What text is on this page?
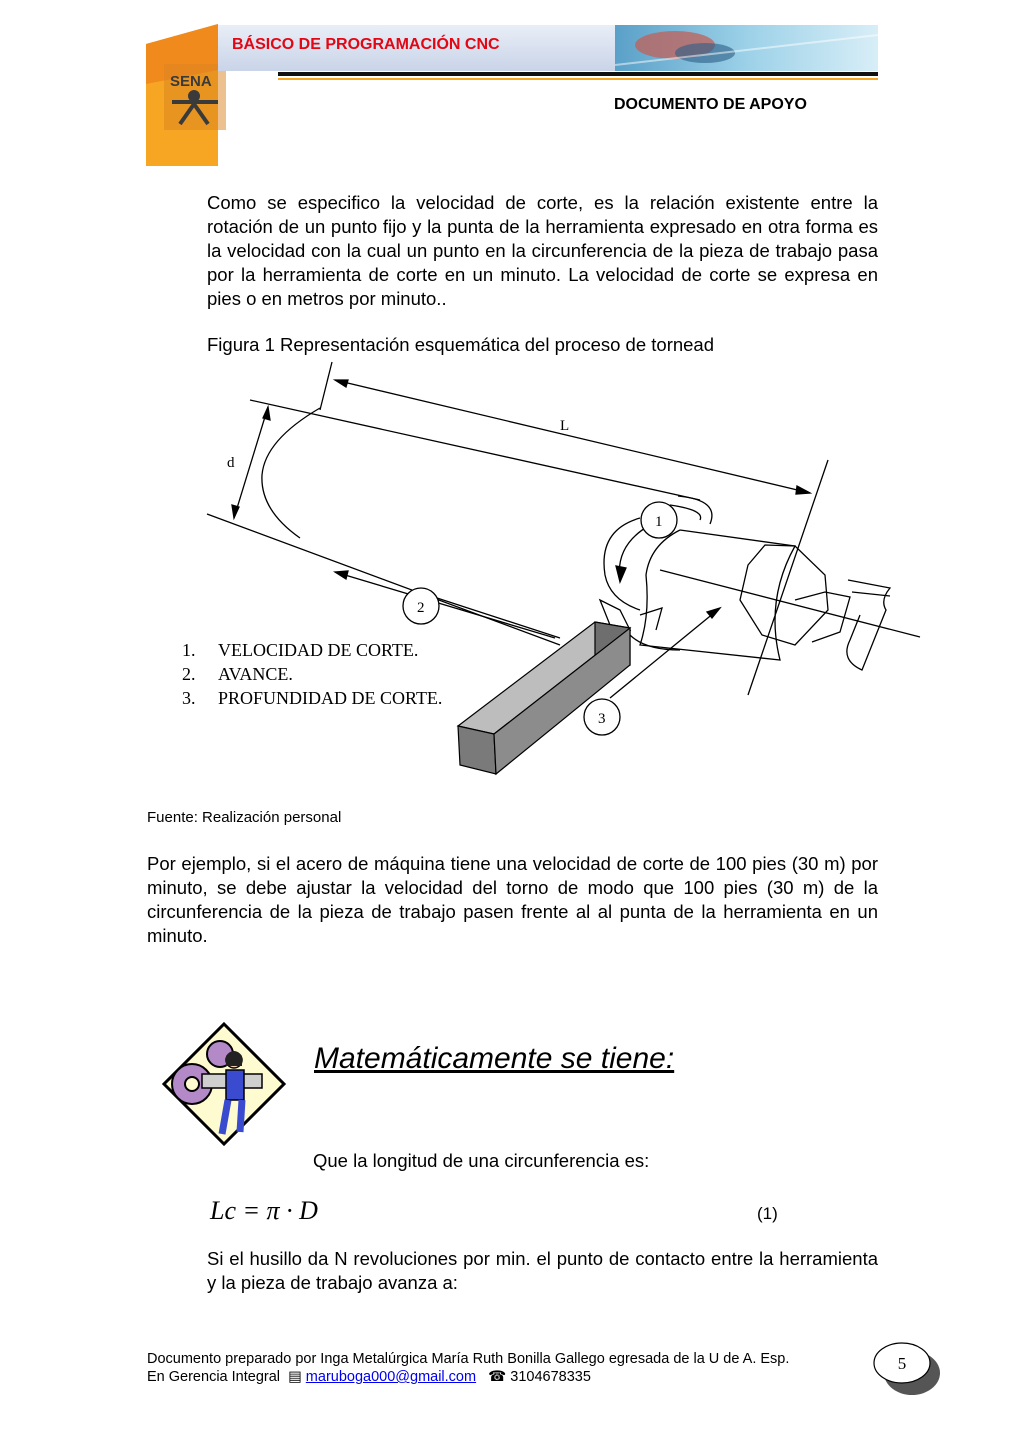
SENA
BÁSICO DE PROGRAMACIÓN CNC
DOCUMENTO DE APOYO
Como se especifico la velocidad de corte, es la relación existente entre la rotación de un punto fijo y la punta de la herramienta expresado en otra forma es la velocidad con la cual un punto en la circunferencia de la pieza de trabajo pasa por la herramienta de corte en un minuto. La velocidad de corte se expresa en pies o en metros por minuto..
Figura 1 Representación esquemática del proceso de tornead
L
d
1
2
3
1. VELOCIDAD DE CORTE.
2. AVANCE.
3. PROFUNDIDAD DE CORTE.
Fuente: Realización personal
Por ejemplo, si el acero de máquina tiene una velocidad de corte de 100 pies (30 m) por minuto, se debe ajustar la velocidad del torno de modo que 100 pies (30 m) de la circunferencia de la pieza de trabajo pasen frente al al punta de la herramienta en un minuto.
Matemáticamente se tiene:
Que la longitud de una circunferencia es:
Lc = π · D	(1)
Si el husillo da N revoluciones por min. el punto de contacto entre la herramienta y la pieza de trabajo avanza a:
Documento preparado por Inga Metalúrgica María Ruth Bonilla Gallego egresada de la U de A. Esp.
En Gerencia Integral ▤ maruboga000@gmail.com ☎ 3104678335
5
